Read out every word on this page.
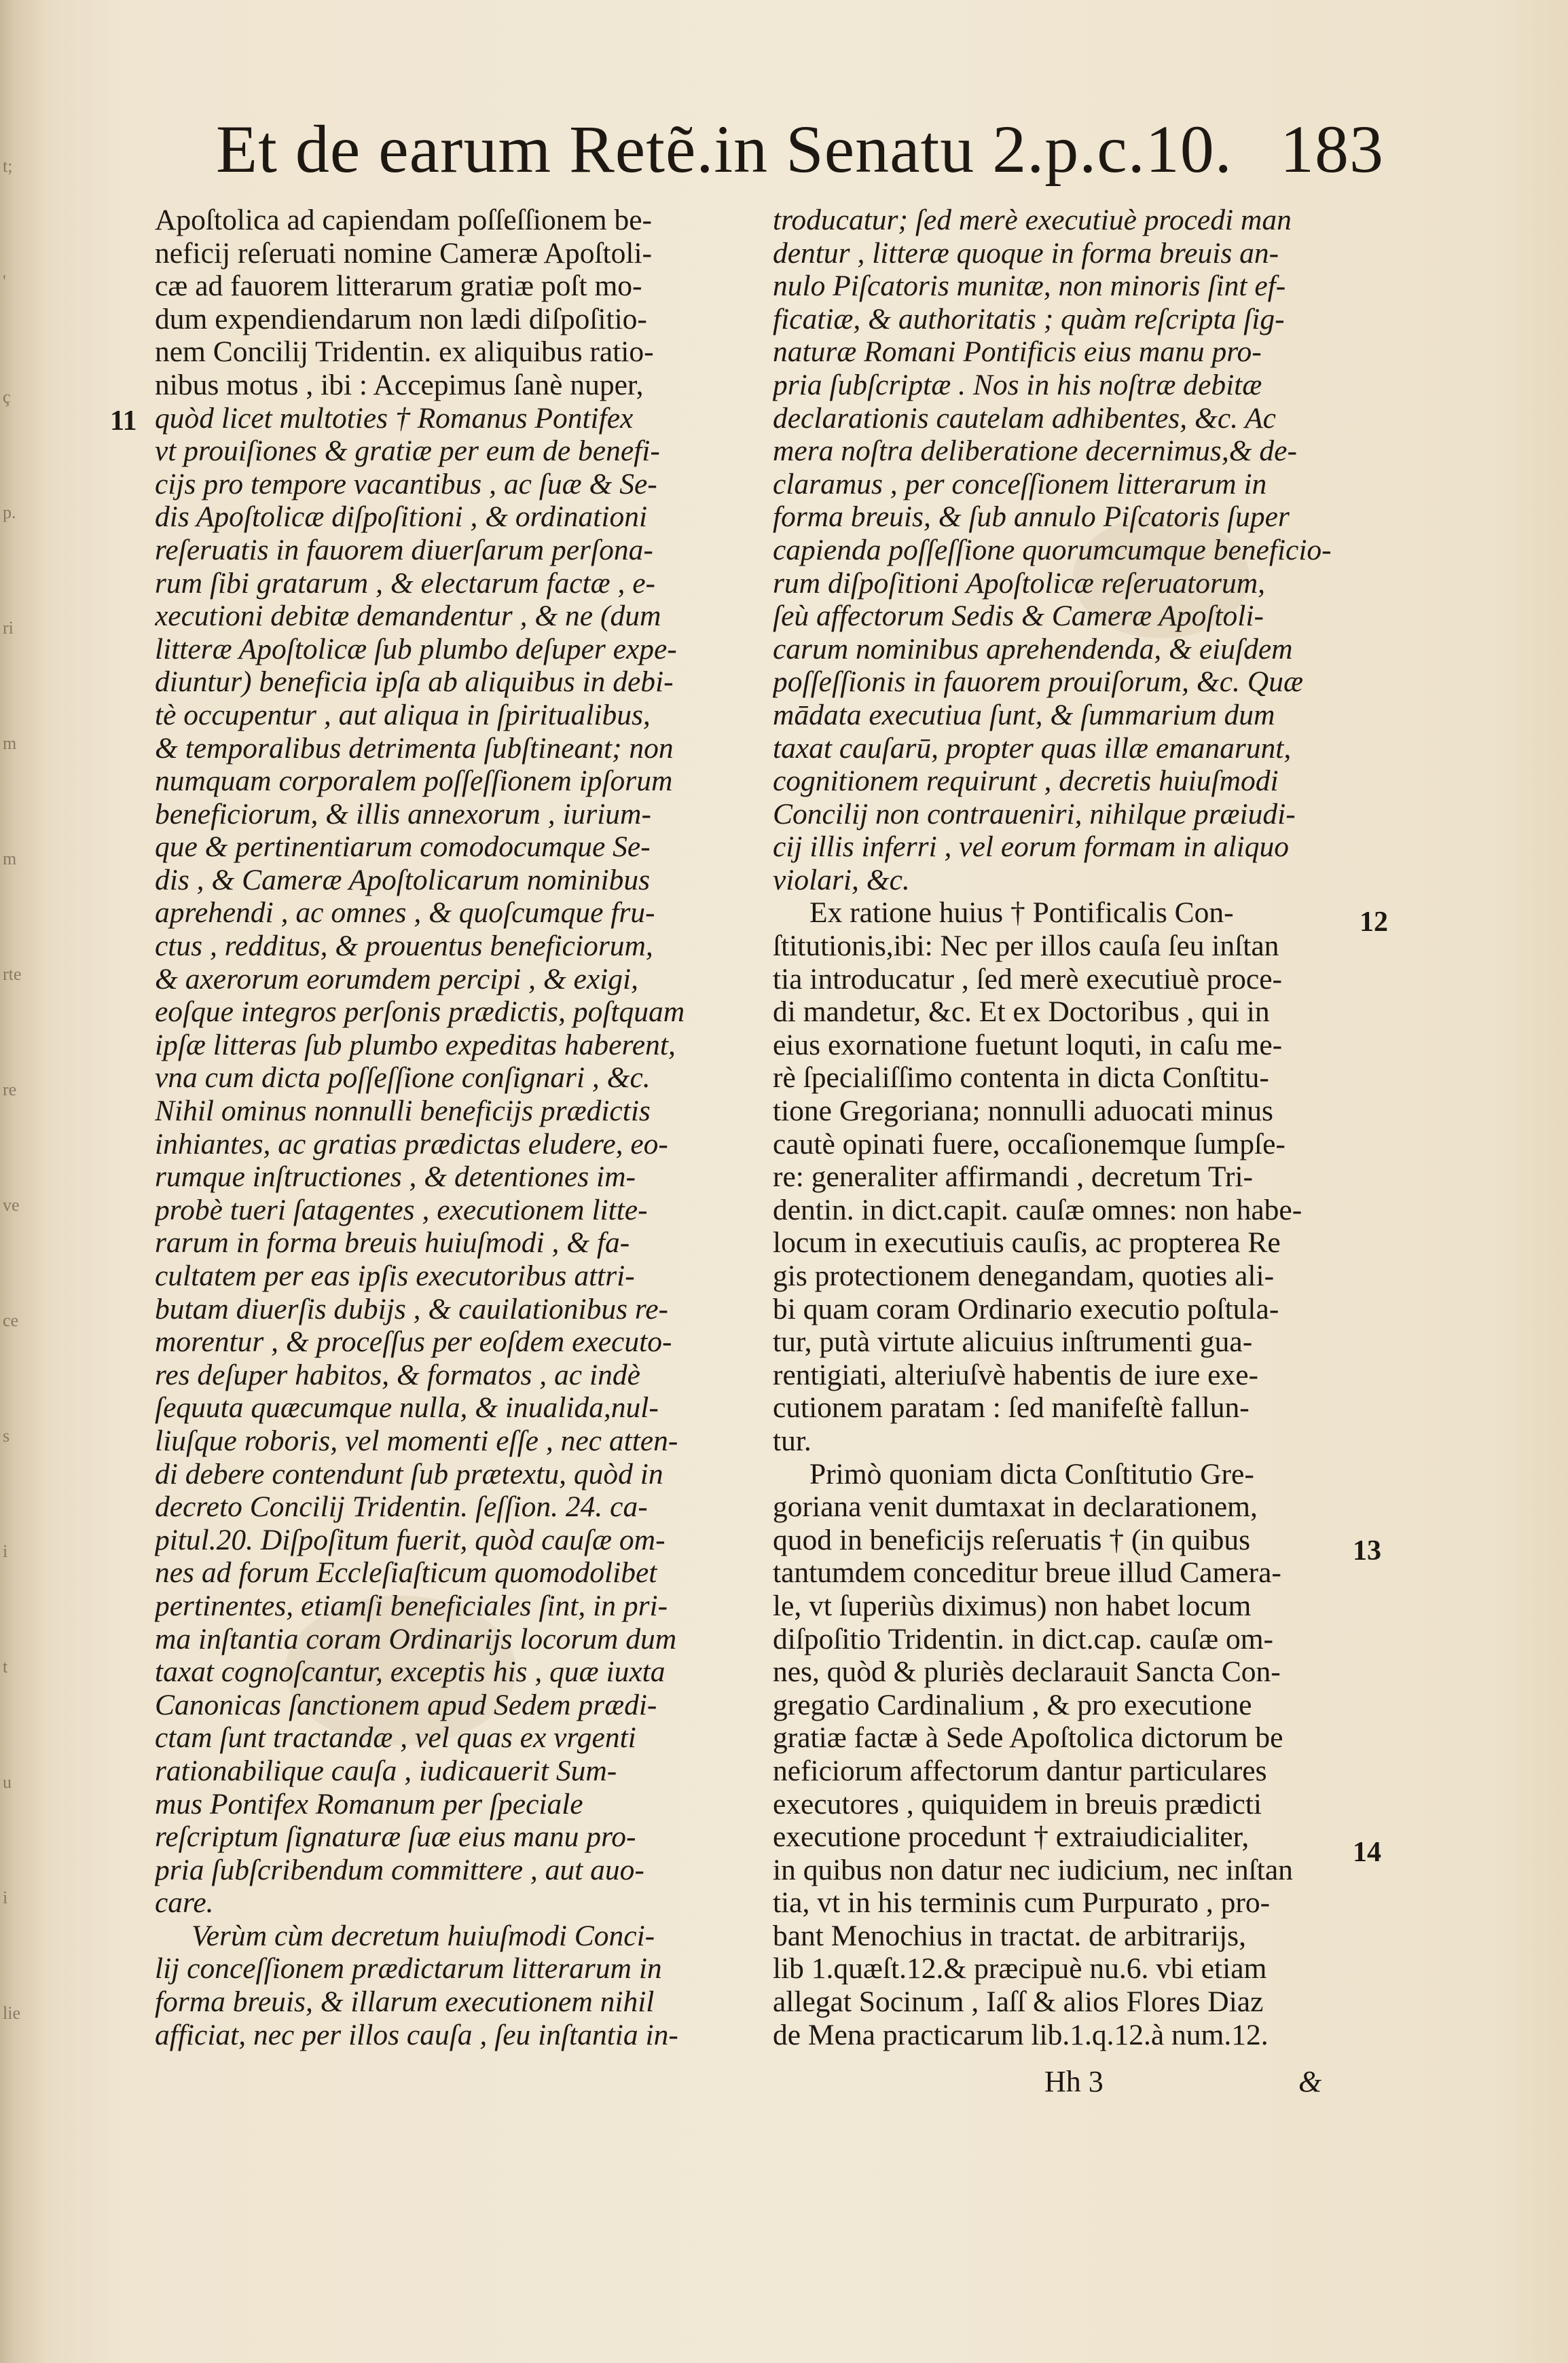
t;
'
ç
p.
ri
m
m
rte
re
ve
ce
s
i
t
u
i
lie
Et de earum Retẽ.in Senatu 2.p.c.10. 183
Apoſtolica ad capiendam poſſeſſionem be-
neficij reſeruati nomine Cameræ Apoſtoli-
cæ ad fauorem litterarum gratiæ poſt mo-
dum expendiendarum non lædi diſpoſitio-
nem Concilij Tridentin. ex aliquibus ratio-
nibus motus , ibi : Accepimus ſanè nuper,
quòd licet multoties † Romanus Pontifex
vt prouiſiones & gratiæ per eum de benefi-
cijs pro tempore vacantibus , ac ſuæ & Se-
dis Apoſtolicæ diſpoſitioni , & ordinationi
reſeruatis in fauorem diuerſarum perſona-
rum ſibi gratarum , & electarum factæ , e-
xecutioni debitæ demandentur , & ne (dum
litteræ Apoſtolicæ ſub plumbo deſuper expe-
diuntur) beneficia ipſa ab aliquibus in debi-
tè occupentur , aut aliqua in ſpiritualibus,
& temporalibus detrimenta ſubſtineant; non
numquam corporalem poſſeſſionem ipſorum
beneficiorum, & illis annexorum , iurium-
que & pertinentiarum comodocumque Se-
dis , & Cameræ Apoſtolicarum nominibus
aprehendi , ac omnes , & quoſcumque fru-
ctus , redditus, & prouentus beneficiorum,
& axerorum eorumdem percipi , & exigi,
eoſque integros perſonis prædictis, poſtquam
ipſæ litteras ſub plumbo expeditas haberent,
vna cum dicta poſſeſſione conſignari , &c.
Nihil ominus nonnulli beneficijs prædictis
inhiantes, ac gratias prædictas eludere, eo-
rumque inſtructiones , & detentiones im-
probè tueri ſatagentes , executionem litte-
rarum in forma breuis huiuſmodi , & fa-
cultatem per eas ipſis executoribus attri-
butam diuerſis dubijs , & cauilationibus re-
morentur , & proceſſus per eoſdem executo-
res deſuper habitos, & formatos , ac indè
ſequuta quæcumque nulla, & inualida,nul-
liuſque roboris, vel momenti eſſe , nec atten-
di debere contendunt ſub prætextu, quòd in
decreto Concilij Tridentin. ſeſſion. 24. ca-
pitul.20. Diſpoſitum fuerit, quòd cauſæ om-
nes ad forum Eccleſiaſticum quomodolibet
pertinentes, etiamſi beneficiales ſint, in pri-
ma inſtantia coram Ordinarijs locorum dum
taxat cognoſcantur, exceptis his , quæ iuxta
Canonicas ſanctionem apud Sedem prædi-
ctam ſunt tractandæ , vel quas ex vrgenti
rationabilique cauſa , iudicauerit Sum-
mus Pontifex Romanum per ſpeciale
reſcriptum ſignaturæ ſuæ eius manu pro-
pria ſubſcribendum committere , aut auo-
care.
Verùm cùm decretum huiuſmodi Conci-
lij conceſſionem prædictarum litterarum in
forma breuis, & illarum executionem nihil
afficiat, nec per illos cauſa , ſeu inſtantia in-
troducatur; ſed merè executiuè procedi man
dentur , litteræ quoque in forma breuis an-
nulo Piſcatoris munitæ, non minoris ſint ef-
ficatiæ, & authoritatis ; quàm reſcripta ſig-
naturæ Romani Pontificis eius manu pro-
pria ſubſcriptæ . Nos in his noſtræ debitæ
declarationis cautelam adhibentes, &c. Ac
mera noſtra deliberatione decernimus,& de-
claramus , per conceſſionem litterarum in
forma breuis, & ſub annulo Piſcatoris ſuper
capienda poſſeſſione quorumcumque beneficio-
rum diſpoſitioni Apoſtolicæ reſeruatorum,
ſeù affectorum Sedis & Cameræ Apoſtoli-
carum nominibus aprehendenda, & eiuſdem
poſſeſſionis in fauorem prouiſorum, &c. Quæ
mādata executiua ſunt, & ſummarium dum
taxat cauſarū, propter quas illæ emanarunt,
cognitionem requirunt , decretis huiuſmodi
Concilij non contraueniri, nihilque præiudi-
cij illis inferri , vel eorum formam in aliquo
violari, &c.
Ex ratione huius † Pontificalis Con-
ſtitutionis,ibi: Nec per illos cauſa ſeu inſtan
tia introducatur , ſed merè executiuè proce-
di mandetur, &c. Et ex Doctoribus , qui in
eius exornatione fuetunt loquti, in caſu me-
rè ſpecialiſſimo contenta in dicta Conſtitu-
tione Gregoriana; nonnulli aduocati minus
cautè opinati fuere, occaſionemque ſumpſe-
re: generaliter affirmandi , decretum Tri-
dentin. in dict.capit. cauſæ omnes: non habe-
locum in executiuis cauſis, ac propterea Re
gis protectionem denegandam, quoties ali-
bi quam coram Ordinario executio poſtula-
tur, putà virtute alicuius inſtrumenti gua-
rentigiati, alteriuſvè habentis de iure exe-
cutionem paratam : ſed manifeſtè fallun-
tur.
Primò quoniam dicta Conſtitutio Gre-
goriana venit dumtaxat in declarationem,
quod in beneficijs reſeruatis † (in quibus
tantumdem conceditur breue illud Camera-
le, vt ſuperiùs diximus) non habet locum
diſpoſitio Tridentin. in dict.cap. cauſæ om-
nes, quòd & pluriès declarauit Sancta Con-
gregatio Cardinalium , & pro executione
gratiæ factæ à Sede Apoſtolica dictorum be
neficiorum affectorum dantur particulares
executores , quiquidem in breuis prædicti
executione procedunt † extraiudicialiter,
in quibus non datur nec iudicium, nec inſtan
tia, vt in his terminis cum Purpurato , pro-
bant Menochius in tractat. de arbitrarijs,
lib 1.quæſt.12.& præcipuè nu.6. vbi etiam
allegat Socinum , Iaſſ & alios Flores Diaz
de Mena practicarum lib.1.q.12.à num.12.
11
12
13
14
Hh 3	&
